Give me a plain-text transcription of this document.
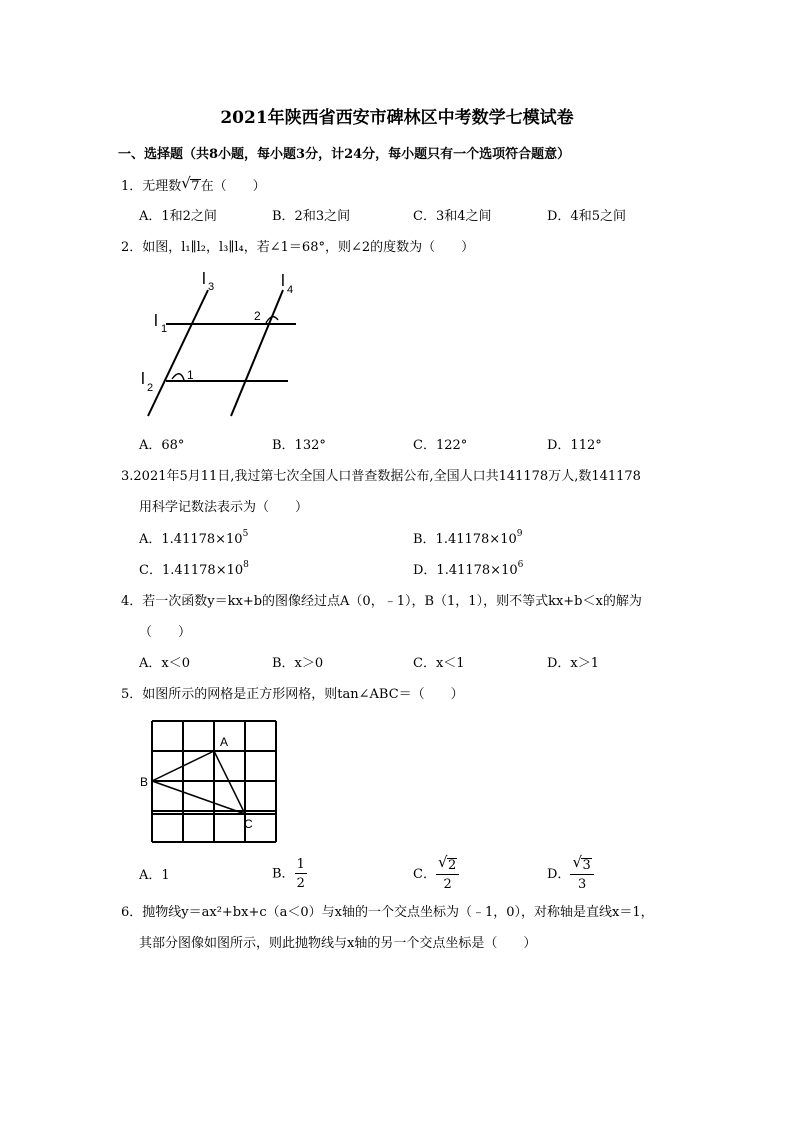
2021年陕西省西安市碑林区中考数学七模试卷
一、选择题（共8小题，每小题3分，计24分，每小题只有一个选项符合题意）
1．无理数 √ 7在（　　）
A．1和2之间	B．2和3之间	C．3和4之间	D．4和5之间
2．如图，l₁∥l₂，l₃∥l₄，若∠1＝68°，则∠2的度数为（　　）
l 1
l 2
l 3	l 4
1
2
A．68°	B．132°	C．122°	D．112°
3.2021年5月11日,我过第七次全国人口普查数据公布,全国人口共141178万人,数141178
用科学记数法表示为（　　）
A．$1.41178\times 10^5$	B．$1.41178\times 10^9$
C．$1.41178\times 10^8$	D．$1.41178\times 10^6$
4．若一次函数y＝kx+b的图像经过点A（0，﹣1），B（1，1），则不等式kx+b＜x的解为
（　　）
A．x＜0	B．x＞0	C．x＜1	D．x＞1
5．如图所示的网格是正方形网格，则tan∠ABC＝（　　）
A
B
C
A．1	B． $\frac{1}{2}$	C． $\frac{√ 2}{2}$	D． $\frac{√ 3}{3}$
6．抛物线y＝ax²+bx+c（a＜0）与x轴的一个交点坐标为（﹣1，0），对称轴是直线x＝1，
其部分图像如图所示，则此抛物线与x轴的另一个交点坐标是（　　）
